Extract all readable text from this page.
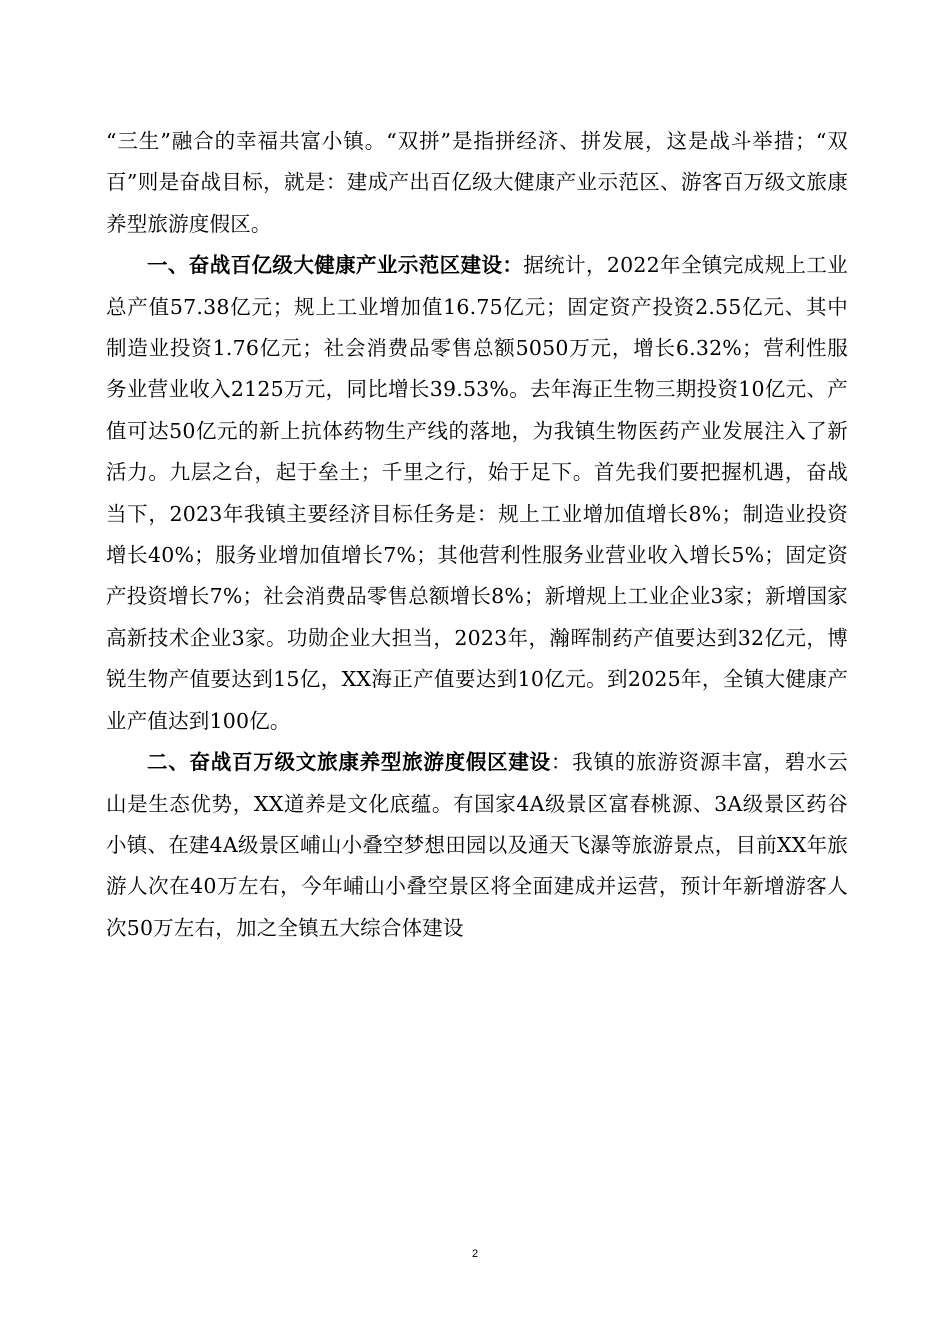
“三生”融合的幸福共富小镇。“双拼”是指拼经济、拼发展，这是战斗举措；“双百”则是奋战目标，就是：建成产出百亿级大健康产业示范区、游客百万级文旅康养型旅游度假区。

一、奋战百亿级大健康产业示范区建设：据统计，2022年全镇完成规上工业总产值57.38亿元；规上工业增加值16.75亿元；固定资产投资2.55亿元、其中制造业投资1.76亿元；社会消费品零售总额5050万元，增长6.32%；营利性服务业营业收入2125万元，同比增长39.53%。去年海正生物三期投资10亿元、产值可达50亿元的新上抗体药物生产线的落地，为我镇生物医药产业发展注入了新活力。九层之台，起于垒土；千里之行，始于足下。首先我们要把握机遇，奋战当下，2023年我镇主要经济目标任务是：规上工业增加值增长8%；制造业投资增长40%；服务业增加值增长7%；其他营利性服务业营业收入增长5%；固定资产投资增长7%；社会消费品零售总额增长8%；新增规上工业企业3家；新增国家高新技术企业3家。功勋企业大担当，2023年，瀚晖制药产值要达到32亿元，博锐生物产值要达到15亿，XX海正产值要达到10亿元。到2025年，全镇大健康产业产值达到100亿。

二、奋战百万级文旅康养型旅游度假区建设：我镇的旅游资源丰富，碧水云山是生态优势，XX道养是文化底蕴。有国家4A级景区富春桃源、3A级景区药谷小镇、在建4A级景区峬山小叠空梦想田园以及通天飞瀑等旅游景点，目前XX年旅游人次在40万左右，今年峬山小叠空景区将全面建成并运营，预计年新增游客人次50万左右，加之全镇五大综合体建设

2
